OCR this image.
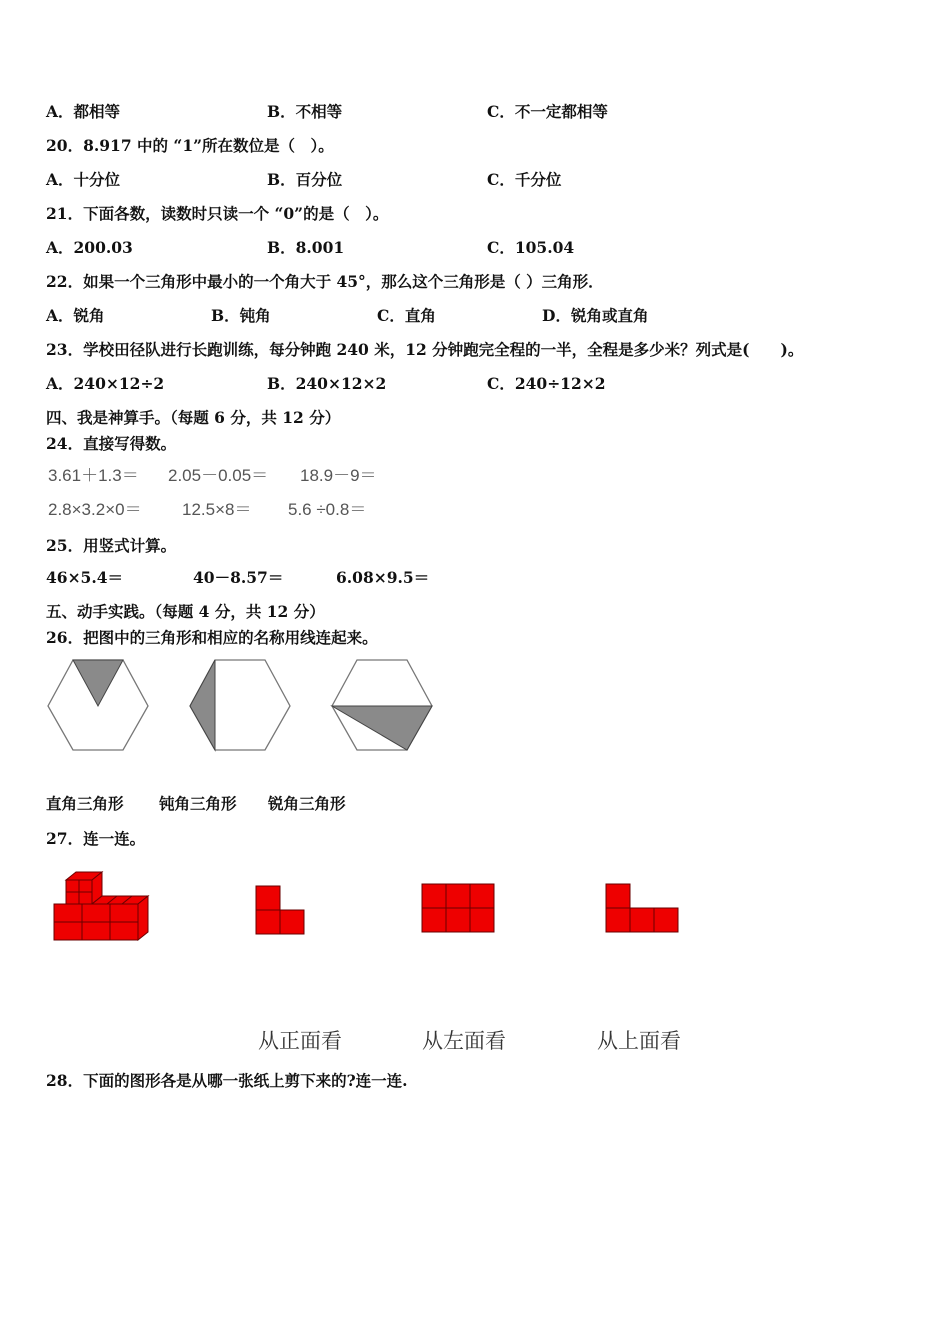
A．都相等	B．不相等	C．不一定都相等
20．8.917 中的 “1”所在数位是（　）。
A．十分位	B．百分位	C．千分位
21．下面各数，读数时只读一个 “0”的是（　）。
A．200.03	B．8.001	C．105.04
22．如果一个三角形中最小的一个角大于 45°，那么这个三角形是（ ）三角形．
A．锐角	B．钝角	C．直角	D．锐角或直角
23．学校田径队进行长跑训练，每分钟跑 240 米，12 分钟跑完全程的一半，全程是多少米？列式是(　　)。
A．240×12÷2	B．240×12×2	C．240÷12×2
四、我是神算手。（每题 6 分，共 12 分）
24．直接写得数。
3.61＋1.3＝ 2.05－0.05＝ 18.9－9＝
2.8×3.2×0＝ 12.5×8＝ 5.6 ÷0.8＝
25．用竖式计算。
46×5.4＝	40－8.57＝	6.08×9.5＝
五、动手实践。（每题 4 分，共 12 分）
26．把图中的三角形和相应的名称用线连起来。
直角三角形 钝角三角形 锐角三角形
27．连一连。
从正面看	从左面看	从上面看
28．下面的图形各是从哪一张纸上剪下来的?连一连.
